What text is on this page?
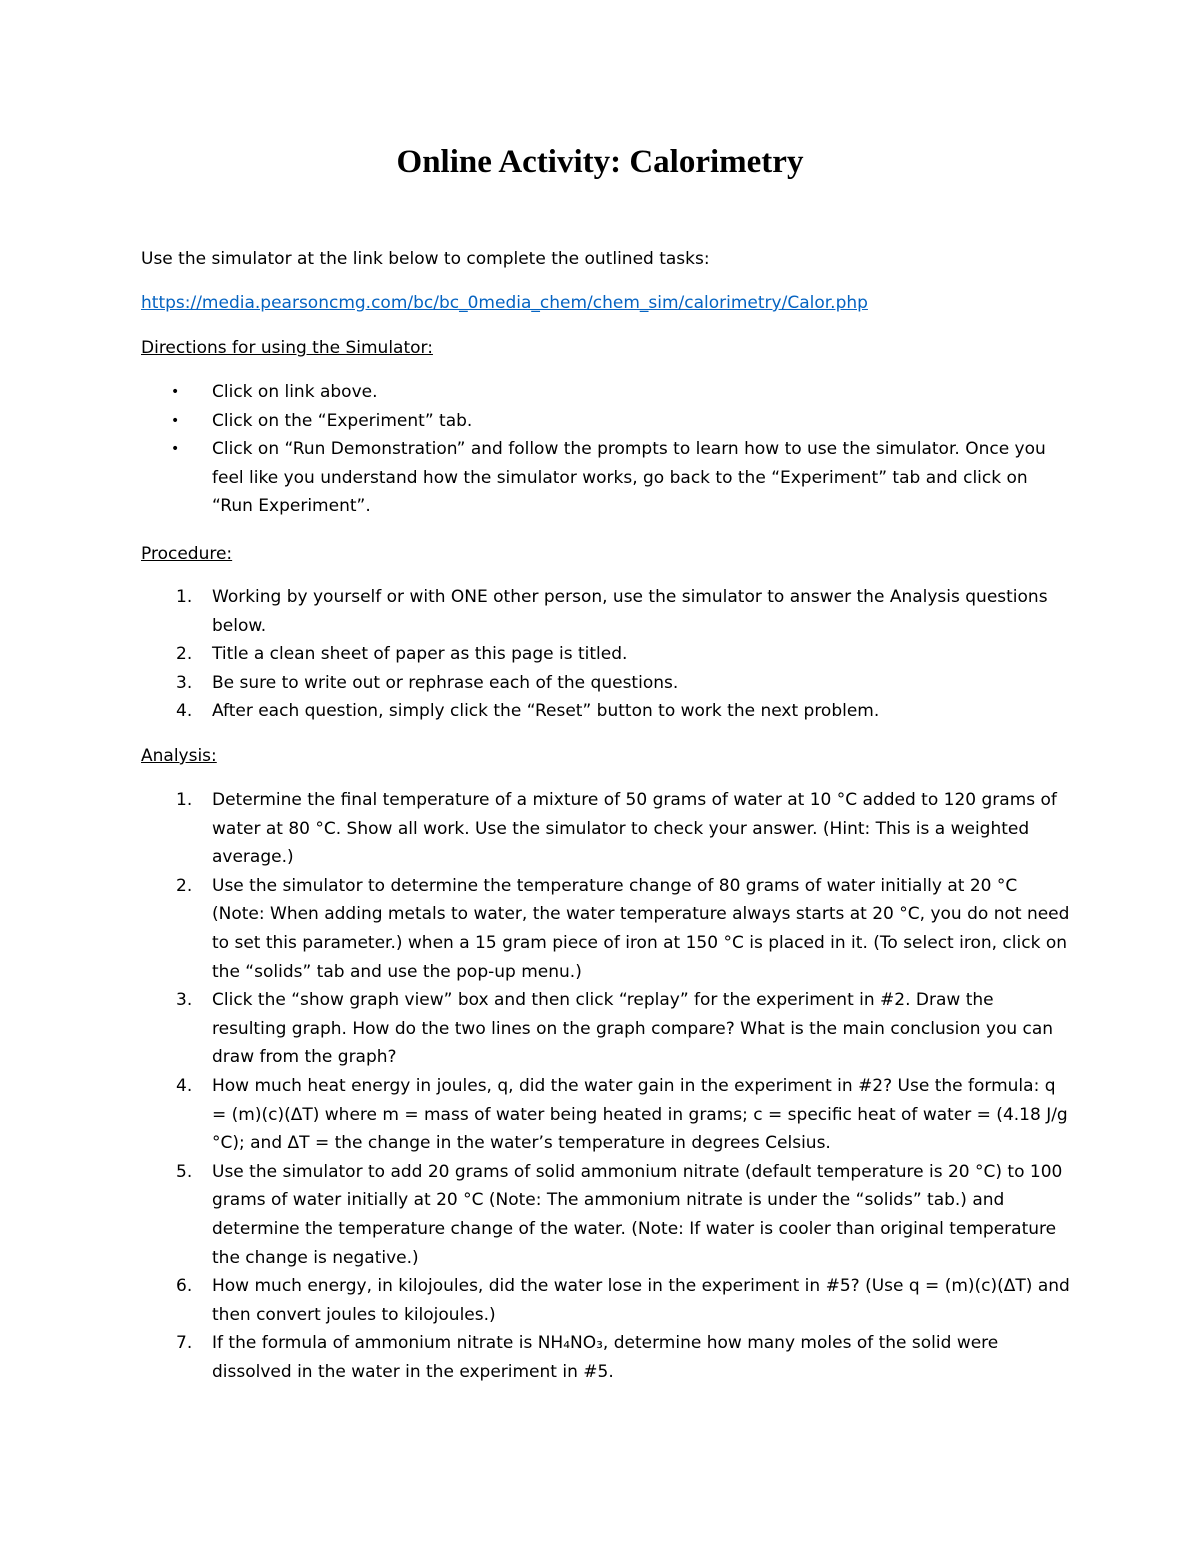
Online Activity: Calorimetry

Use the simulator at the link below to complete the outlined tasks:

https://media.pearsoncmg.com/bc/bc_0media_chem/chem_sim/calorimetry/Calor.php

Directions for using the Simulator:

• Click on link above.
• Click on the “Experiment” tab.
• Click on “Run Demonstration” and follow the prompts to learn how to use the simulator. Once you feel like you understand how the simulator works, go back to the “Experiment” tab and click on “Run Experiment”.

Procedure:

1. Working by yourself or with ONE other person, use the simulator to answer the Analysis questions below.
2. Title a clean sheet of paper as this page is titled.
3. Be sure to write out or rephrase each of the questions.
4. After each question, simply click the “Reset” button to work the next problem.

Analysis:

1. Determine the final temperature of a mixture of 50 grams of water at 10 °C added to 120 grams of water at 80 °C. Show all work. Use the simulator to check your answer. (Hint: This is a weighted average.)
2. Use the simulator to determine the temperature change of 80 grams of water initially at 20 °C (Note: When adding metals to water, the water temperature always starts at 20 °C, you do not need to set this parameter.) when a 15 gram piece of iron at 150 °C is placed in it. (To select iron, click on the “solids” tab and use the pop-up menu.)
3. Click the “show graph view” box and then click “replay” for the experiment in #2. Draw the resulting graph. How do the two lines on the graph compare? What is the main conclusion you can draw from the graph?
4. How much heat energy in joules, q, did the water gain in the experiment in #2? Use the formula: q = (m)(c)(ΔT) where m = mass of water being heated in grams; c = specific heat of water = (4.18 J/g °C); and ΔT = the change in the water’s temperature in degrees Celsius.
5. Use the simulator to add 20 grams of solid ammonium nitrate (default temperature is 20 °C) to 100 grams of water initially at 20 °C (Note: The ammonium nitrate is under the “solids” tab.) and determine the temperature change of the water. (Note: If water is cooler than original temperature the change is negative.)
6. How much energy, in kilojoules, did the water lose in the experiment in #5? (Use q = (m)(c)(ΔT) and then convert joules to kilojoules.)
7. If the formula of ammonium nitrate is NH₄NO₃, determine how many moles of the solid were dissolved in the water in the experiment in #5.
